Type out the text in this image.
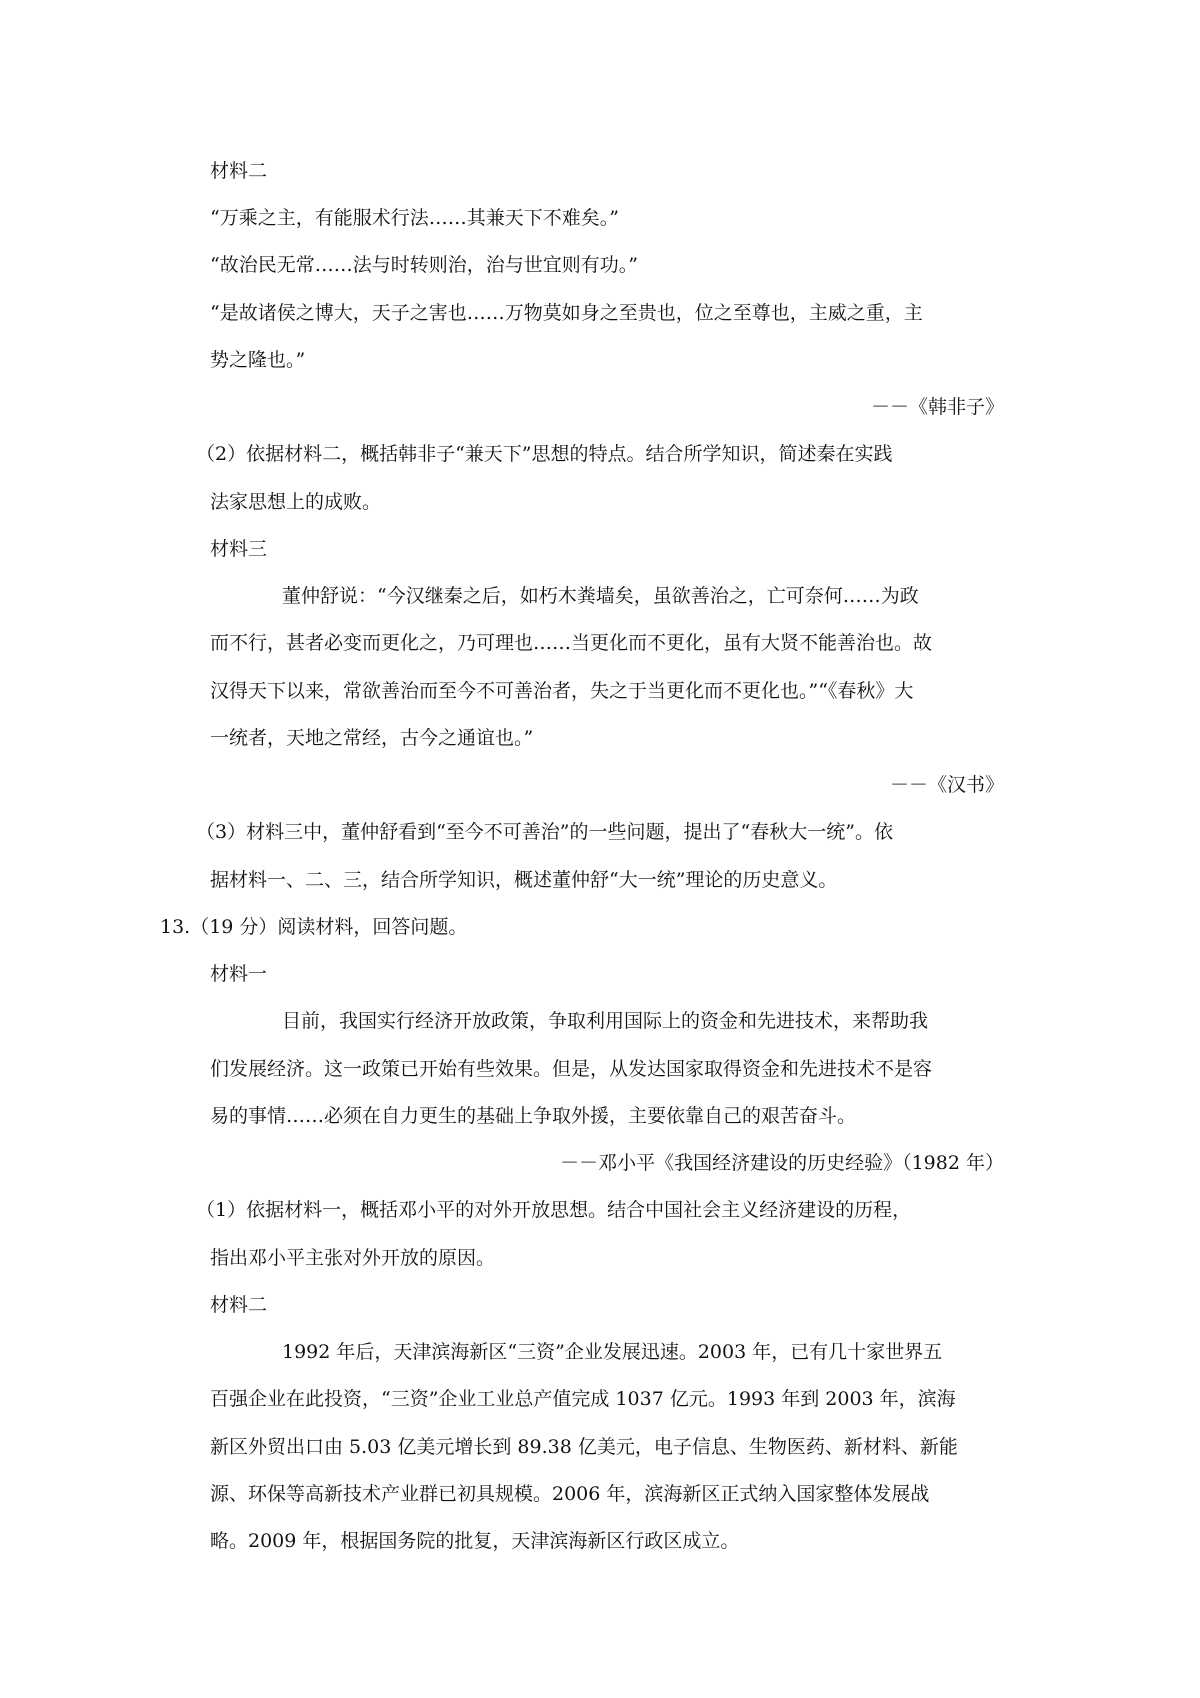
材料二
“万乘之主，有能服术行法……其兼天下不难矣。”
“故治民无常……法与时转则治，治与世宜则有功。”
“是故诸侯之博大，天子之害也……万物莫如身之至贵也，位之至尊也，主威之重，主
势之隆也。”
－－《韩非子》
（2）依据材料二，概括韩非子“兼天下”思想的特点。结合所学知识，简述秦在实践
法家思想上的成败。
材料三
董仲舒说：“今汉继秦之后，如朽木粪墙矣，虽欲善治之，亡可奈何……为政
而不行，甚者必变而更化之，乃可理也……当更化而不更化，虽有大贤不能善治也。故
汉得天下以来，常欲善治而至今不可善治者，失之于当更化而不更化也。”“《春秋》大
一统者，天地之常经，古今之通谊也。”
－－《汉书》
（3）材料三中，董仲舒看到“至今不可善治”的一些问题，提出了“春秋大一统”。依
据材料一、二、三，结合所学知识，概述董仲舒“大一统”理论的历史意义。
13.（19 分）阅读材料，回答问题。
材料一
目前，我国实行经济开放政策，争取利用国际上的资金和先进技术，来帮助我
们发展经济。这一政策已开始有些效果。但是，从发达国家取得资金和先进技术不是容
易的事情……必须在自力更生的基础上争取外援，主要依靠自己的艰苦奋斗。
－－邓小平《我国经济建设的历史经验》（1982 年）
（1）依据材料一，概括邓小平的对外开放思想。结合中国社会主义经济建设的历程，
指出邓小平主张对外开放的原因。
材料二
1992 年后，天津滨海新区“三资”企业发展迅速。2003 年，已有几十家世界五
百强企业在此投资，“三资”企业工业总产值完成 1037 亿元。1993 年到 2003 年，滨海
新区外贸出口由 5.03 亿美元增长到 89.38 亿美元，电子信息、生物医药、新材料、新能
源、环保等高新技术产业群已初具规模。2006 年，滨海新区正式纳入国家整体发展战
略。2009 年，根据国务院的批复，天津滨海新区行政区成立。
